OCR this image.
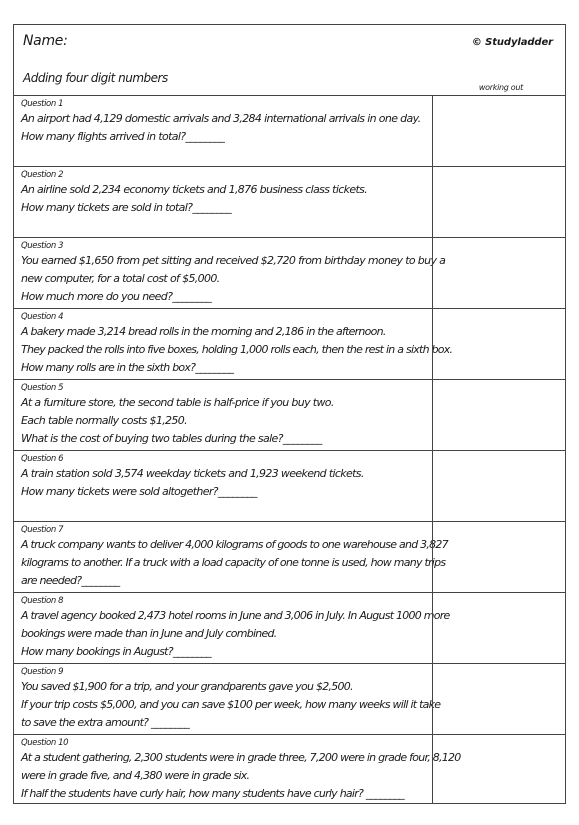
Name:	© Studyladder
Adding four digit numbers
working out
Question 1
An airport had 4,129 domestic arrivals and 3,284 international arrivals in one day.
How many flights arrived in total?________
Question 2
An airline sold 2,234 economy tickets and 1,876 business class tickets.
How many tickets are sold in total?________
Question 3
You earned $1,650 from pet sitting and received $2,720 from birthday money to buy a
new computer, for a total cost of $5,000.
How much more do you need?________
Question 4
A bakery made 3,214 bread rolls in the morning and 2,186 in the afternoon.
They packed the rolls into five boxes, holding 1,000 rolls each, then the rest in a sixth box.
How many rolls are in the sixth box?________
Question 5
At a furniture store, the second table is half-price if you buy two.
Each table normally costs $1,250.
What is the cost of buying two tables during the sale?________
Question 6
A train station sold 3,574 weekday tickets and 1,923 weekend tickets.
How many tickets were sold altogether?________
Question 7
A truck company wants to deliver 4,000 kilograms of goods to one warehouse and 3,827
kilograms to another. If a truck with a load capacity of one tonne is used, how many trips
are needed?________
Question 8
A travel agency booked 2,473 hotel rooms in June and 3,006 in July. In August 1000 more
bookings were made than in June and July combined.
How many bookings in August?________
Question 9
You saved $1,900 for a trip, and your grandparents gave you $2,500.
If your trip costs $5,000, and you can save $100 per week, how many weeks will it take
to save the extra amount? ________
Question 10
At a student gathering, 2,300 students were in grade three, 7,200 were in grade four, 8,120
were in grade five, and 4,380 were in grade six.
If half the students have curly hair, how many students have curly hair? ________
